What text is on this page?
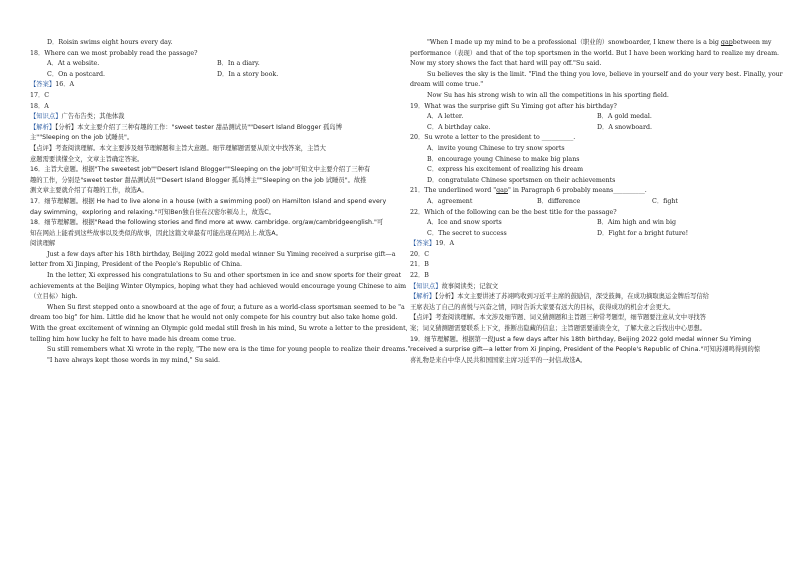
D．Roisin swims eight hours every day.
18．Where can we most probably read the passage?
A．At a website.	B．In a diary.
C．On a postcard.	D．In a story book.
【答案】16．A
17．C
18．A
【知识点】广告布告类；其他体裁
【解析】【分析】本文主要介绍了三种有趣的工作："sweet tester 甜品测试员""Desert Island Blogger 孤岛博
主""Sleeping on the job 试睡员"。
【点评】考查阅读理解。本文主要涉及细节理解题和主旨大意题。细节理解题需要从原文中找答案，主旨大
意题需要读懂全文，文章主旨确定答案。
16．主旨大意题。根据"The sweetest job""Desert Island Blogger""Sleeping on the job"可知文中主要介绍了三种有
趣的工作，分别是"sweet tester 甜品测试员""Desert Island Blogger 孤岛博主""Sleeping on the job 试睡员"。故推
测文章主要就介绍了有趣的工作，故选A。
17．细节理解题。根据 He had to live alone in a house (with a swimming pool) on Hamilton Island and spend every
day swimming，exploring and relaxing."可知Ben独自住在汉密尔顿岛上，故选C。
18．细节理解题。根据"Read the following stories and find more at www. cambridge. org/aw/cambridgeenglish."可
知在网站上能看到这些故事以及类似的故事，因此这篇文章最有可能出现在网站上.故选A。
阅读理解
Just a few days after his 18th birthday, Beijing 2022 gold medal winner Su Yiming received a surprise gift—a
letter from Xi Jinping, President of the People's Republic of China.
In the letter, Xi expressed his congratulations to Su and other sportsmen in ice and snow sports for their great
achievements at the Beijing Winter Olympics, hoping what they had achieved would encourage young Chinese to aim
（立目标）high.
When Su first stepped onto a snowboard at the age of four, a future as a world-class sportsman seemed to be "a
dream too big" for him. Little did he know that he would not only compete for his country but also take home gold.
With the great excitement of winning an Olympic gold medal still fresh in his mind, Su wrote a letter to the president,
telling him how lucky he felt to have made his dream come true.
Su still remembers what Xi wrote in the reply, "The new era is the time for young people to realize their dreams."
"I have always kept those words in my mind," Su said.
"When I made up my mind to be a professional（职业的）snowboarder, I knew there is a big gapbetween my
performance（表现）and that of the top sportsmen in the world. But I have been working hard to realize my dream.
Now my story shows the fact that hard will pay off."Su said.
Su believes the sky is the limit. "Find the thing you love, believe in yourself and do your very best. Finally, your
dream will come true."
Now Su has his strong wish to win all the competitions in his sporting field.
19．What was the surprise gift Su Yiming got after his birthday?
A．A letter.	B．A gold medal.
C．A birthday cake.	D．A snowboard.
20．Su wrote a letter to the president to __________.
A．invite young Chinese to try snow sports
B．encourage young Chinese to make big plans
C．express his excitement of realizing his dream
D．congratulate Chinese sportsmen on their achievements
21．The underlined word "gap" in Paragraph 6 probably means__________.
A．agreement	B．difference	C．fight
22．Which of the following can be the best title for the passage?
A．Ice and snow sports	B．Aim high and win big
C．The secret to success	D．Fight for a bright future!
【答案】19．A
20．C
21．B
22．B
【知识点】故事阅读类；记叙文
【解析】【分析】本文主要讲述了苏翊鸣收到习近平主席的鼓励信，深受鼓舞，在成功摘取奥运金牌后写信给
王席表达了自己的喜悦与兴奋之情，同时告诉大家要有远大的目标，获得成功的机会才会更大。
【点评】考查阅读理解。本文涉及细节题、词义猜测题和主旨题三种常考题型，细节题要注意从文中寻找答
案；词义猜测题需要联系上下文，推断出隐藏的信息；主旨题需要通读全文，了解大意之后找出中心思想。
19．细节理解题。根据第一段Just a few days after his 18th birthday, Beijing 2022 gold medal winner Su Yiming
received a surprise gift—a letter from Xi Jinping, President of the People's Republic of China."可知苏翊鸣得到的惊
喜礼物是来自中华人民共和国国家主席习近平的一封信,故选A。
